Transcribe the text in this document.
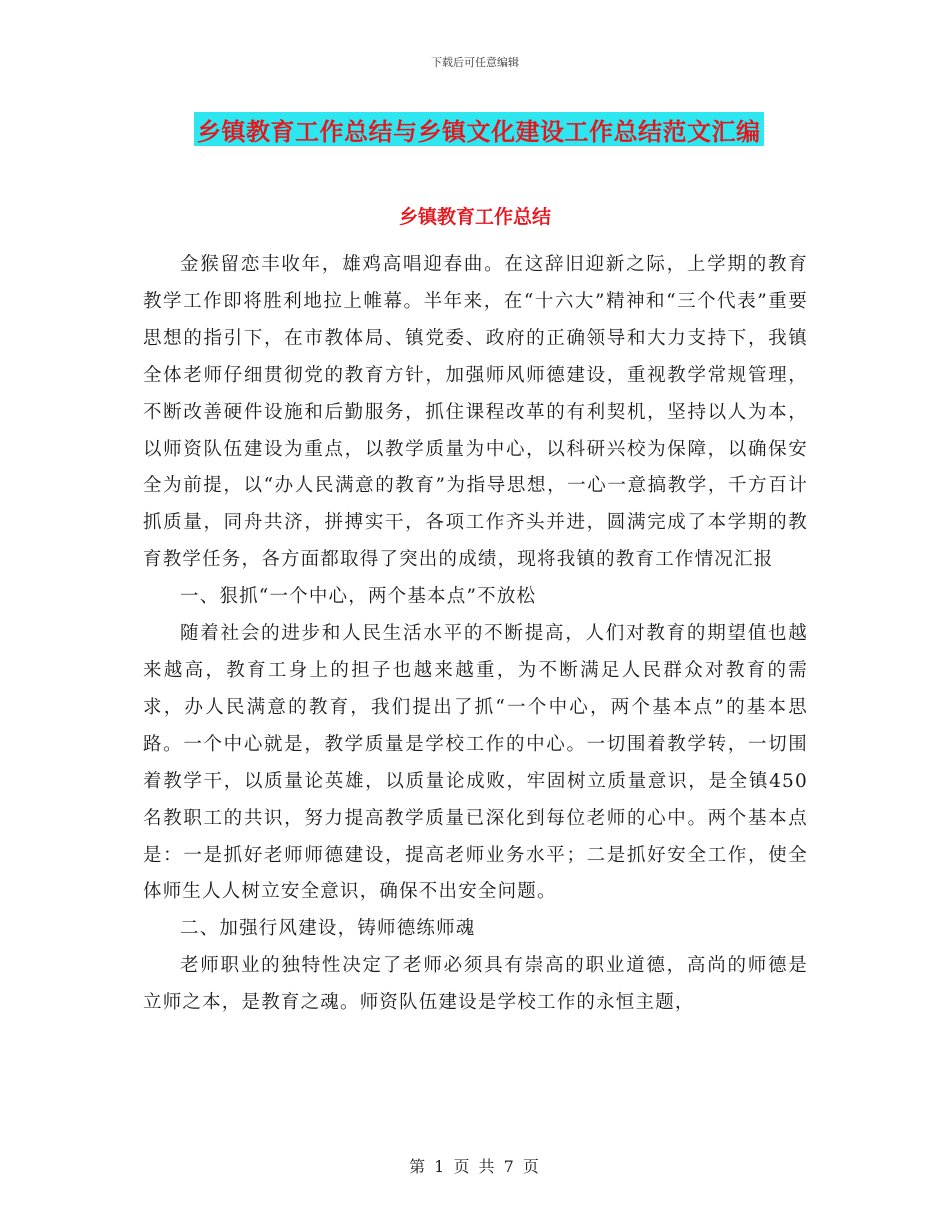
下载后可任意编辑
乡镇教育工作总结与乡镇文化建设工作总结范文汇编
乡镇教育工作总结

金猴留恋丰收年，雄鸡高唱迎春曲。在这辞旧迎新之际，上学期的教育教学工作即将胜利地拉上帷幕。半年来，在“十六大”精神和“三个代表”重要思想的指引下，在市教体局、镇党委、政府的正确领导和大力支持下，我镇全体老师仔细贯彻党的教育方针，加强师风师德建设，重视教学常规管理，不断改善硬件设施和后勤服务，抓住课程改革的有利契机，坚持以人为本，以师资队伍建设为重点，以教学质量为中心，以科研兴校为保障，以确保安全为前提，以“办人民满意的教育”为指导思想，一心一意搞教学，千方百计抓质量，同舟共济，拼搏实干，各项工作齐头并进，圆满完成了本学期的教育教学任务，各方面都取得了突出的成绩，现将我镇的教育工作情况汇报

一、狠抓“一个中心，两个基本点”不放松

随着社会的进步和人民生活水平的不断提高，人们对教育的期望值也越来越高，教育工身上的担子也越来越重，为不断满足人民群众对教育的需求，办人民满意的教育，我们提出了抓“一个中心，两个基本点”的基本思路。一个中心就是，教学质量是学校工作的中心。一切围着教学转，一切围着教学干，以质量论英雄，以质量论成败，牢固树立质量意识，是全镇450名教职工的共识，努力提高教学质量已深化到每位老师的心中。两个基本点是：一是抓好老师师德建设，提高老师业务水平；二是抓好安全工作，使全体师生人人树立安全意识，确保不出安全问题。

二、加强行风建设，铸师德练师魂

老师职业的独特性决定了老师必须具有崇高的职业道德，高尚的师德是立师之本，是教育之魂。师资队伍建设是学校工作的永恒主题，

第 1 页 共 7 页
